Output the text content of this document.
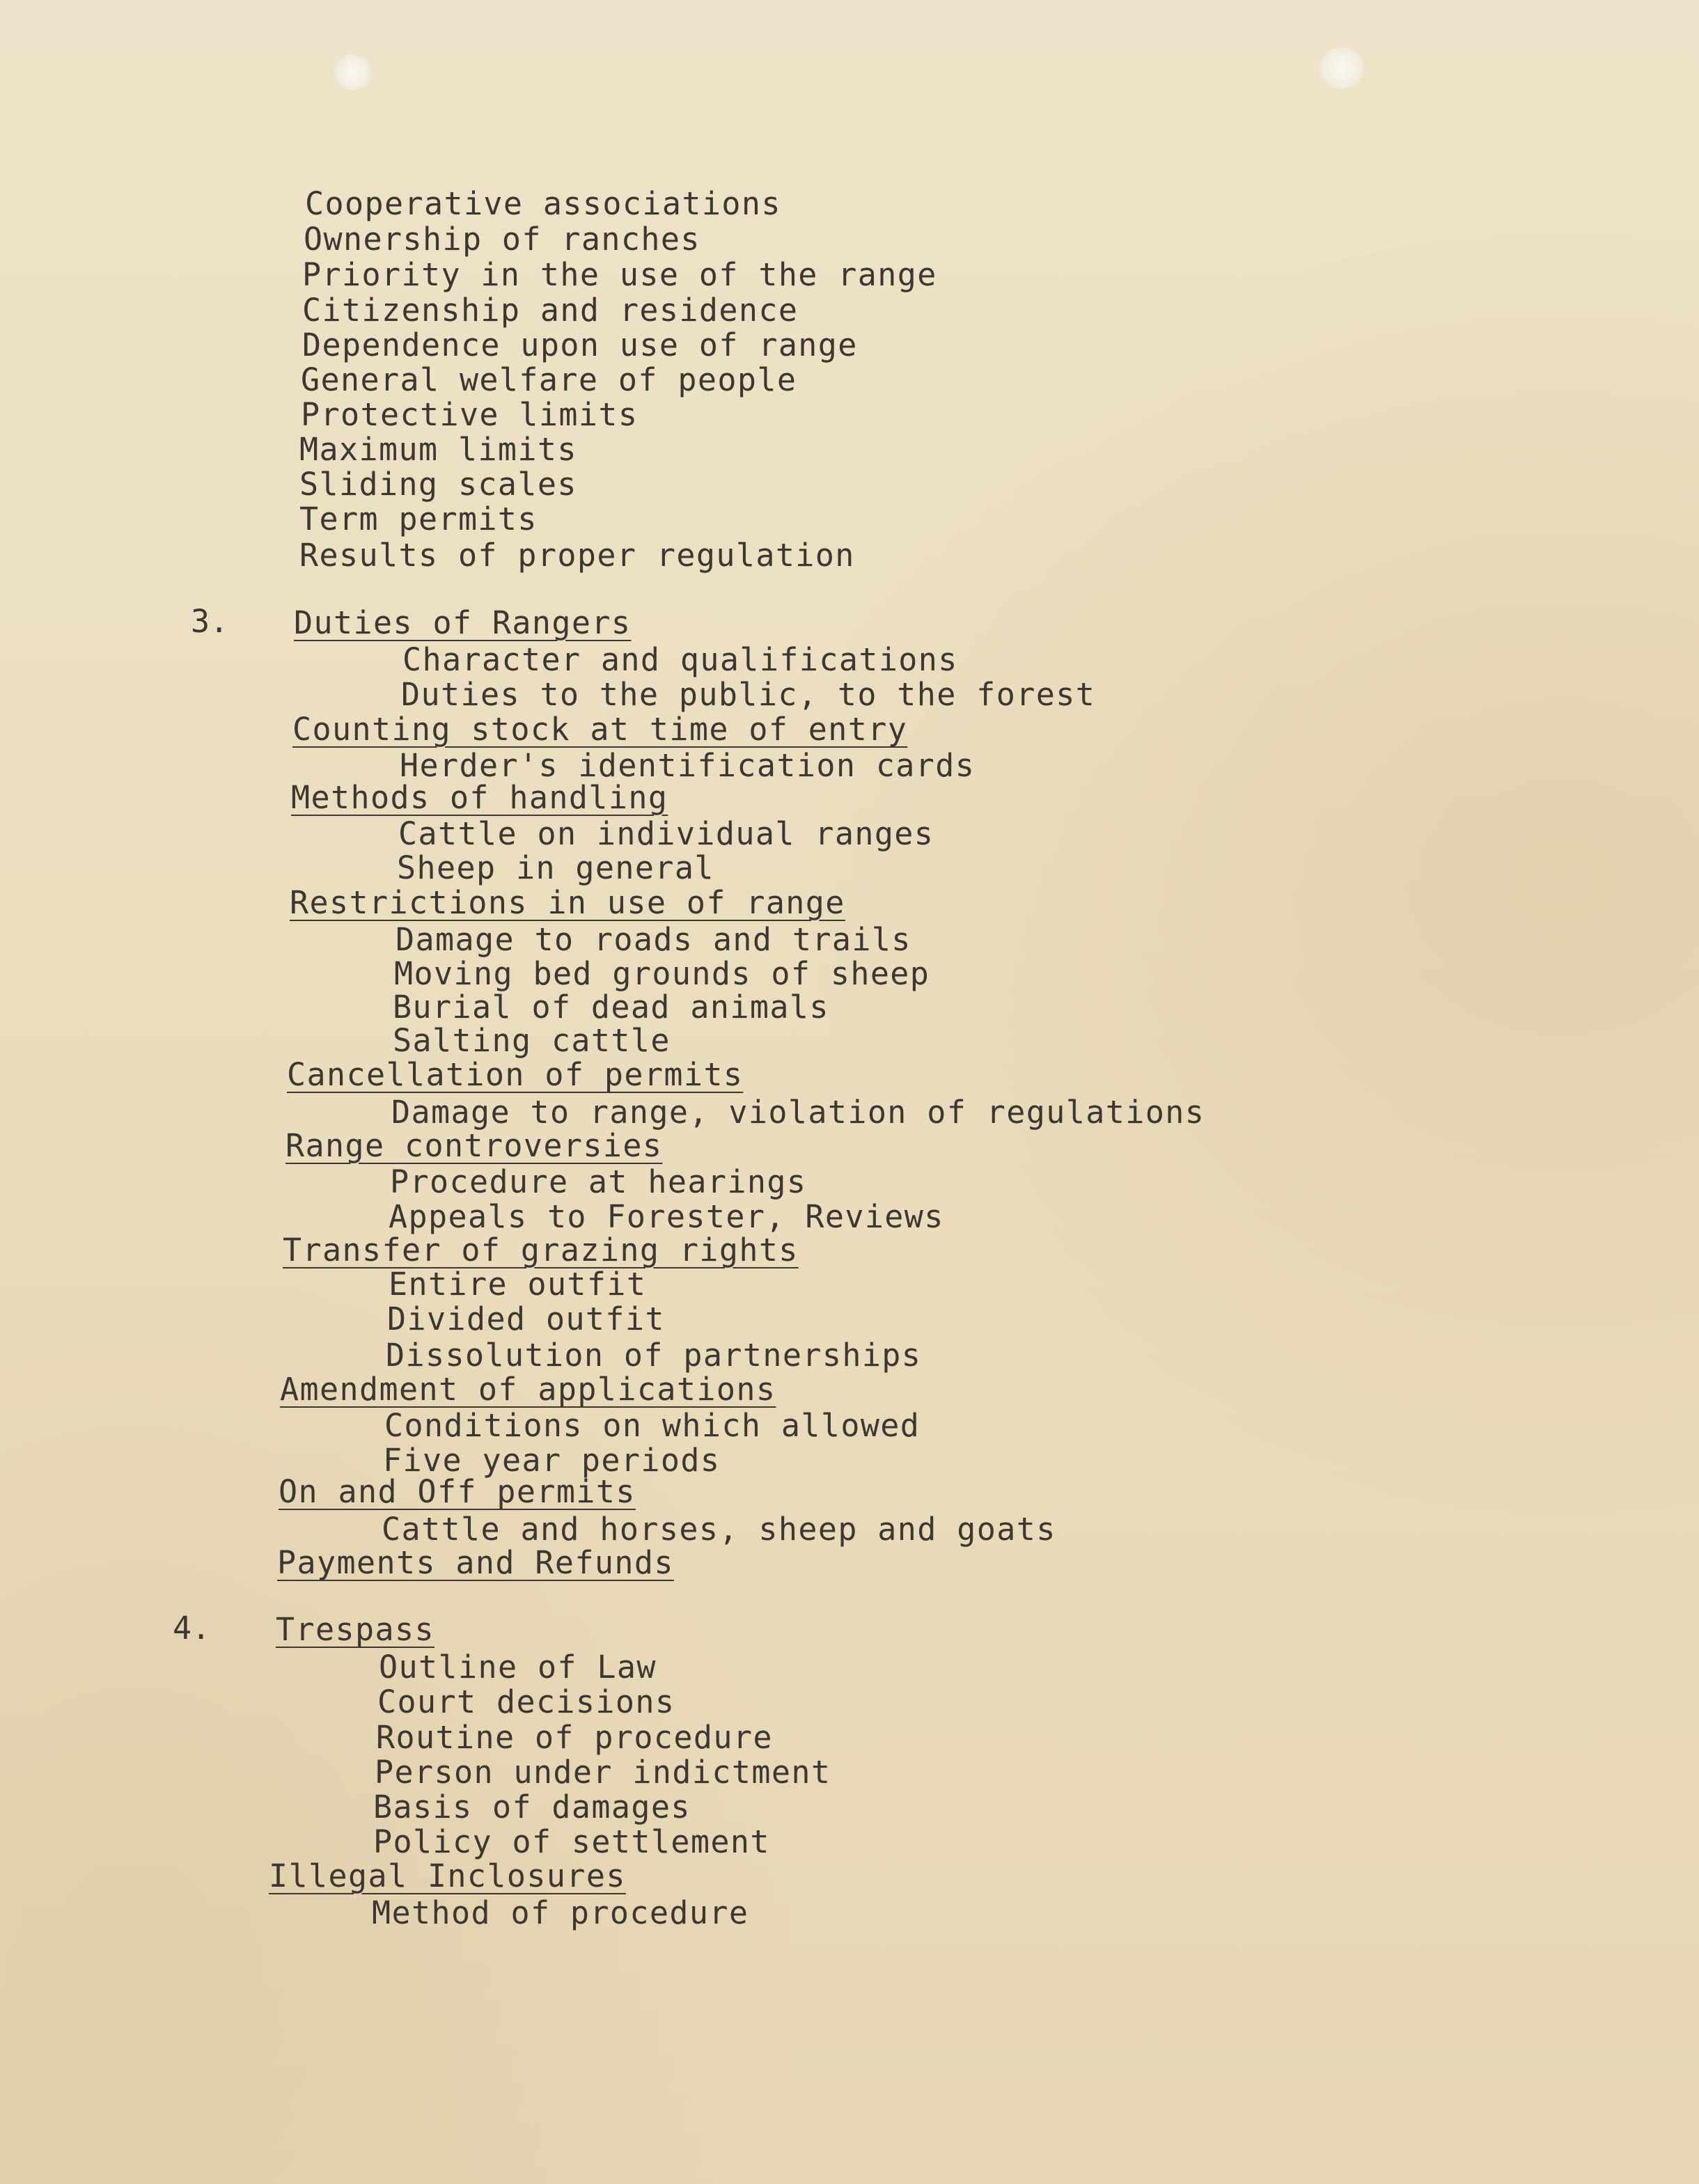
Cooperative associations
Ownership of ranches
Priority in the use of the range
Citizenship and residence
Dependence upon use of range
General welfare of people
Protective limits
Maximum limits
Sliding scales
Term permits
Results of proper regulation
3. Duties of Rangers
Character and qualifications
Duties to the public, to the forest
Counting stock at time of entry
Herder's identification cards
Methods of handling
Cattle on individual ranges
Sheep in general
Restrictions in use of range
Damage to roads and trails
Moving bed grounds of sheep
Burial of dead animals
Salting cattle
Cancellation of permits
Damage to range, violation of regulations
Range controversies
Procedure at hearings
Appeals to Forester, Reviews
Transfer of grazing rights
Entire outfit
Divided outfit
Dissolution of partnerships
Amendment of applications
Conditions on which allowed
Five year periods
On and Off permits
Cattle and horses, sheep and goats
Payments and Refunds
4. Trespass
Outline of Law
Court decisions
Routine of procedure
Person under indictment
Basis of damages
Policy of settlement
Illegal Inclosures
Method of procedure
